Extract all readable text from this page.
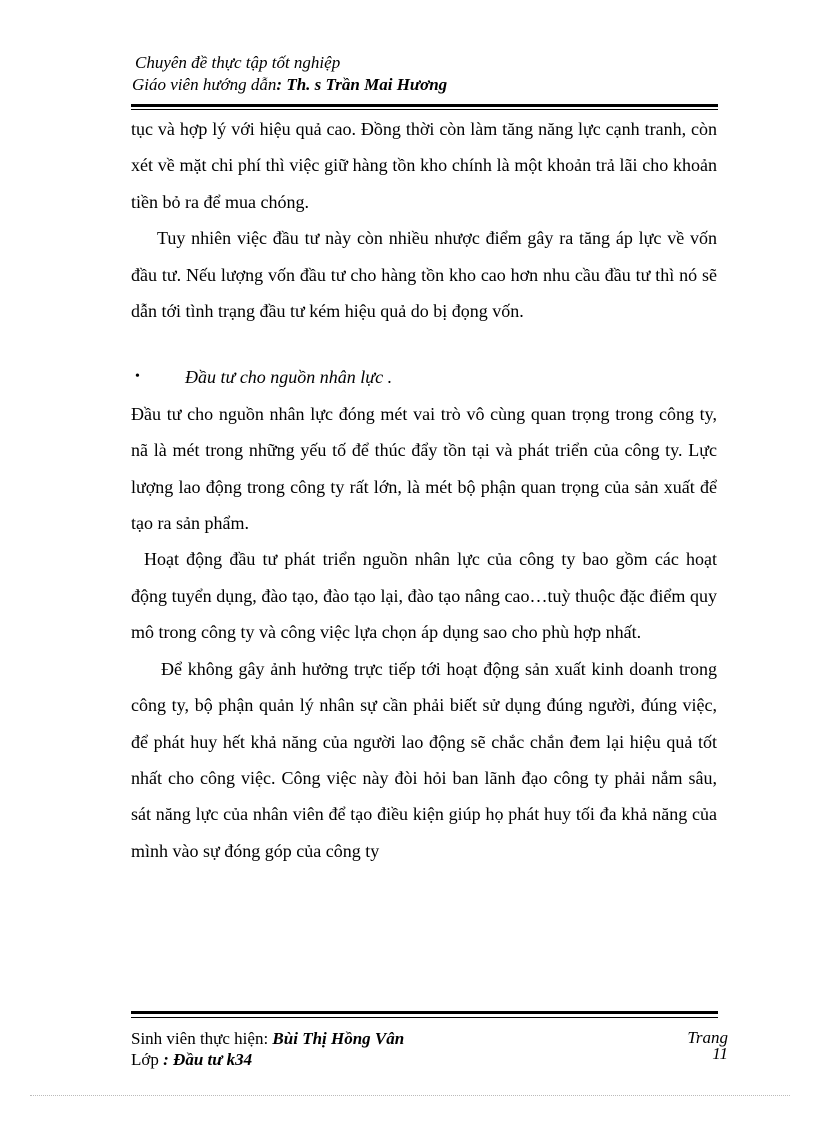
Chuyên đề thực tập tốt nghiệp
Giáo viên hướng dẫn: Th. s Trần Mai Hương

tục và hợp lý với hiệu quả cao. Đồng thời còn làm tăng năng lực cạnh tranh, còn xét về mặt chi phí thì việc giữ hàng tồn kho chính là một khoản trả lãi cho khoản tiền bỏ ra để mua chóng.

Tuy nhiên việc đầu tư này còn nhiều nhược điểm gây ra tăng áp lực về vốn đầu tư. Nếu lượng vốn đầu tư cho hàng tồn kho cao hơn nhu cầu đầu tư thì nó sẽ dẫn tới tình trạng đầu tư kém hiệu quả do bị đọng vốn.

•	Đầu tư cho nguồn nhân lực .

Đầu tư cho nguồn nhân lực đóng mét vai trò vô cùng quan trọng trong công ty, nã là mét trong những yếu tố để thúc đẩy tồn tại và phát triển của công ty. Lực lượng lao động trong công ty rất lớn, là mét bộ phận quan trọng của sản xuất để tạo ra sản phẩm.

Hoạt động đầu tư phát triển nguồn nhân lực của công ty bao gồm các hoạt động tuyển dụng, đào tạo, đào tạo lại, đào tạo nâng cao…tuỳ thuộc đặc điểm quy mô trong công ty và công việc lựa chọn áp dụng sao cho phù hợp nhất.

Để không gây ảnh hưởng trực tiếp tới hoạt động sản xuất kinh doanh trong công ty, bộ phận quản lý nhân sự cần phải biết sử dụng đúng người, đúng việc, để phát huy hết khả năng của người lao động sẽ chắc chắn đem lại hiệu quả tốt nhất cho công việc. Công việc này đòi hỏi ban lãnh đạo công ty phải nắm sâu, sát năng lực của nhân viên để tạo điều kiện giúp họ phát huy tối đa khả năng của mình vào sự đóng góp của công ty

Sinh viên thực hiện: Bùi Thị Hồng Vân
Lớp : Đầu tư k34
Trang
11
